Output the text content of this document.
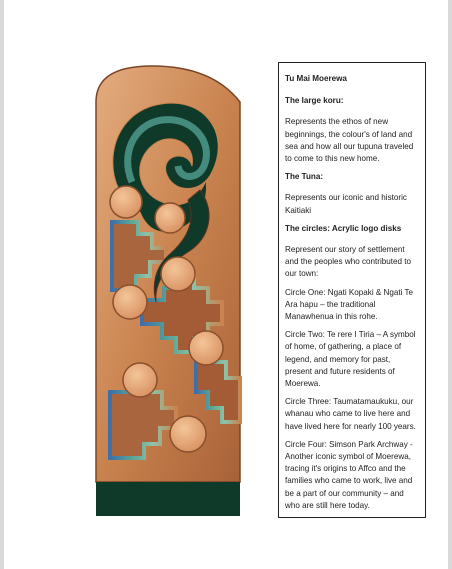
Tu Mai Moerewa

The large koru:

Represents the ethos of new beginnings, the colour's of land and sea and how all our tupuna traveled to come to this new home.

The Tuna:

Represents our iconic and historic Kaitiaki

The circles: Acrylic logo disks

Represent our story of settlement and the peoples who contributed to our town:

Circle One: Ngati Kopaki & Ngati Te Ara hapu – the traditional Manawhenua in this rohe.

Circle Two: Te rere I Tiria – A symbol of home, of gathering, a place of legend, and memory for past, present and future residents of Moerewa.

Circle Three: Taumatamaukuku, our whanau who came to live here and have lived here for nearly 100 years.

Circle Four: Simson Park Archway - Another iconic symbol of Moerewa, tracing it's origins to Affco and the families who came to work, live and be a part of our community – and who are still here today.
